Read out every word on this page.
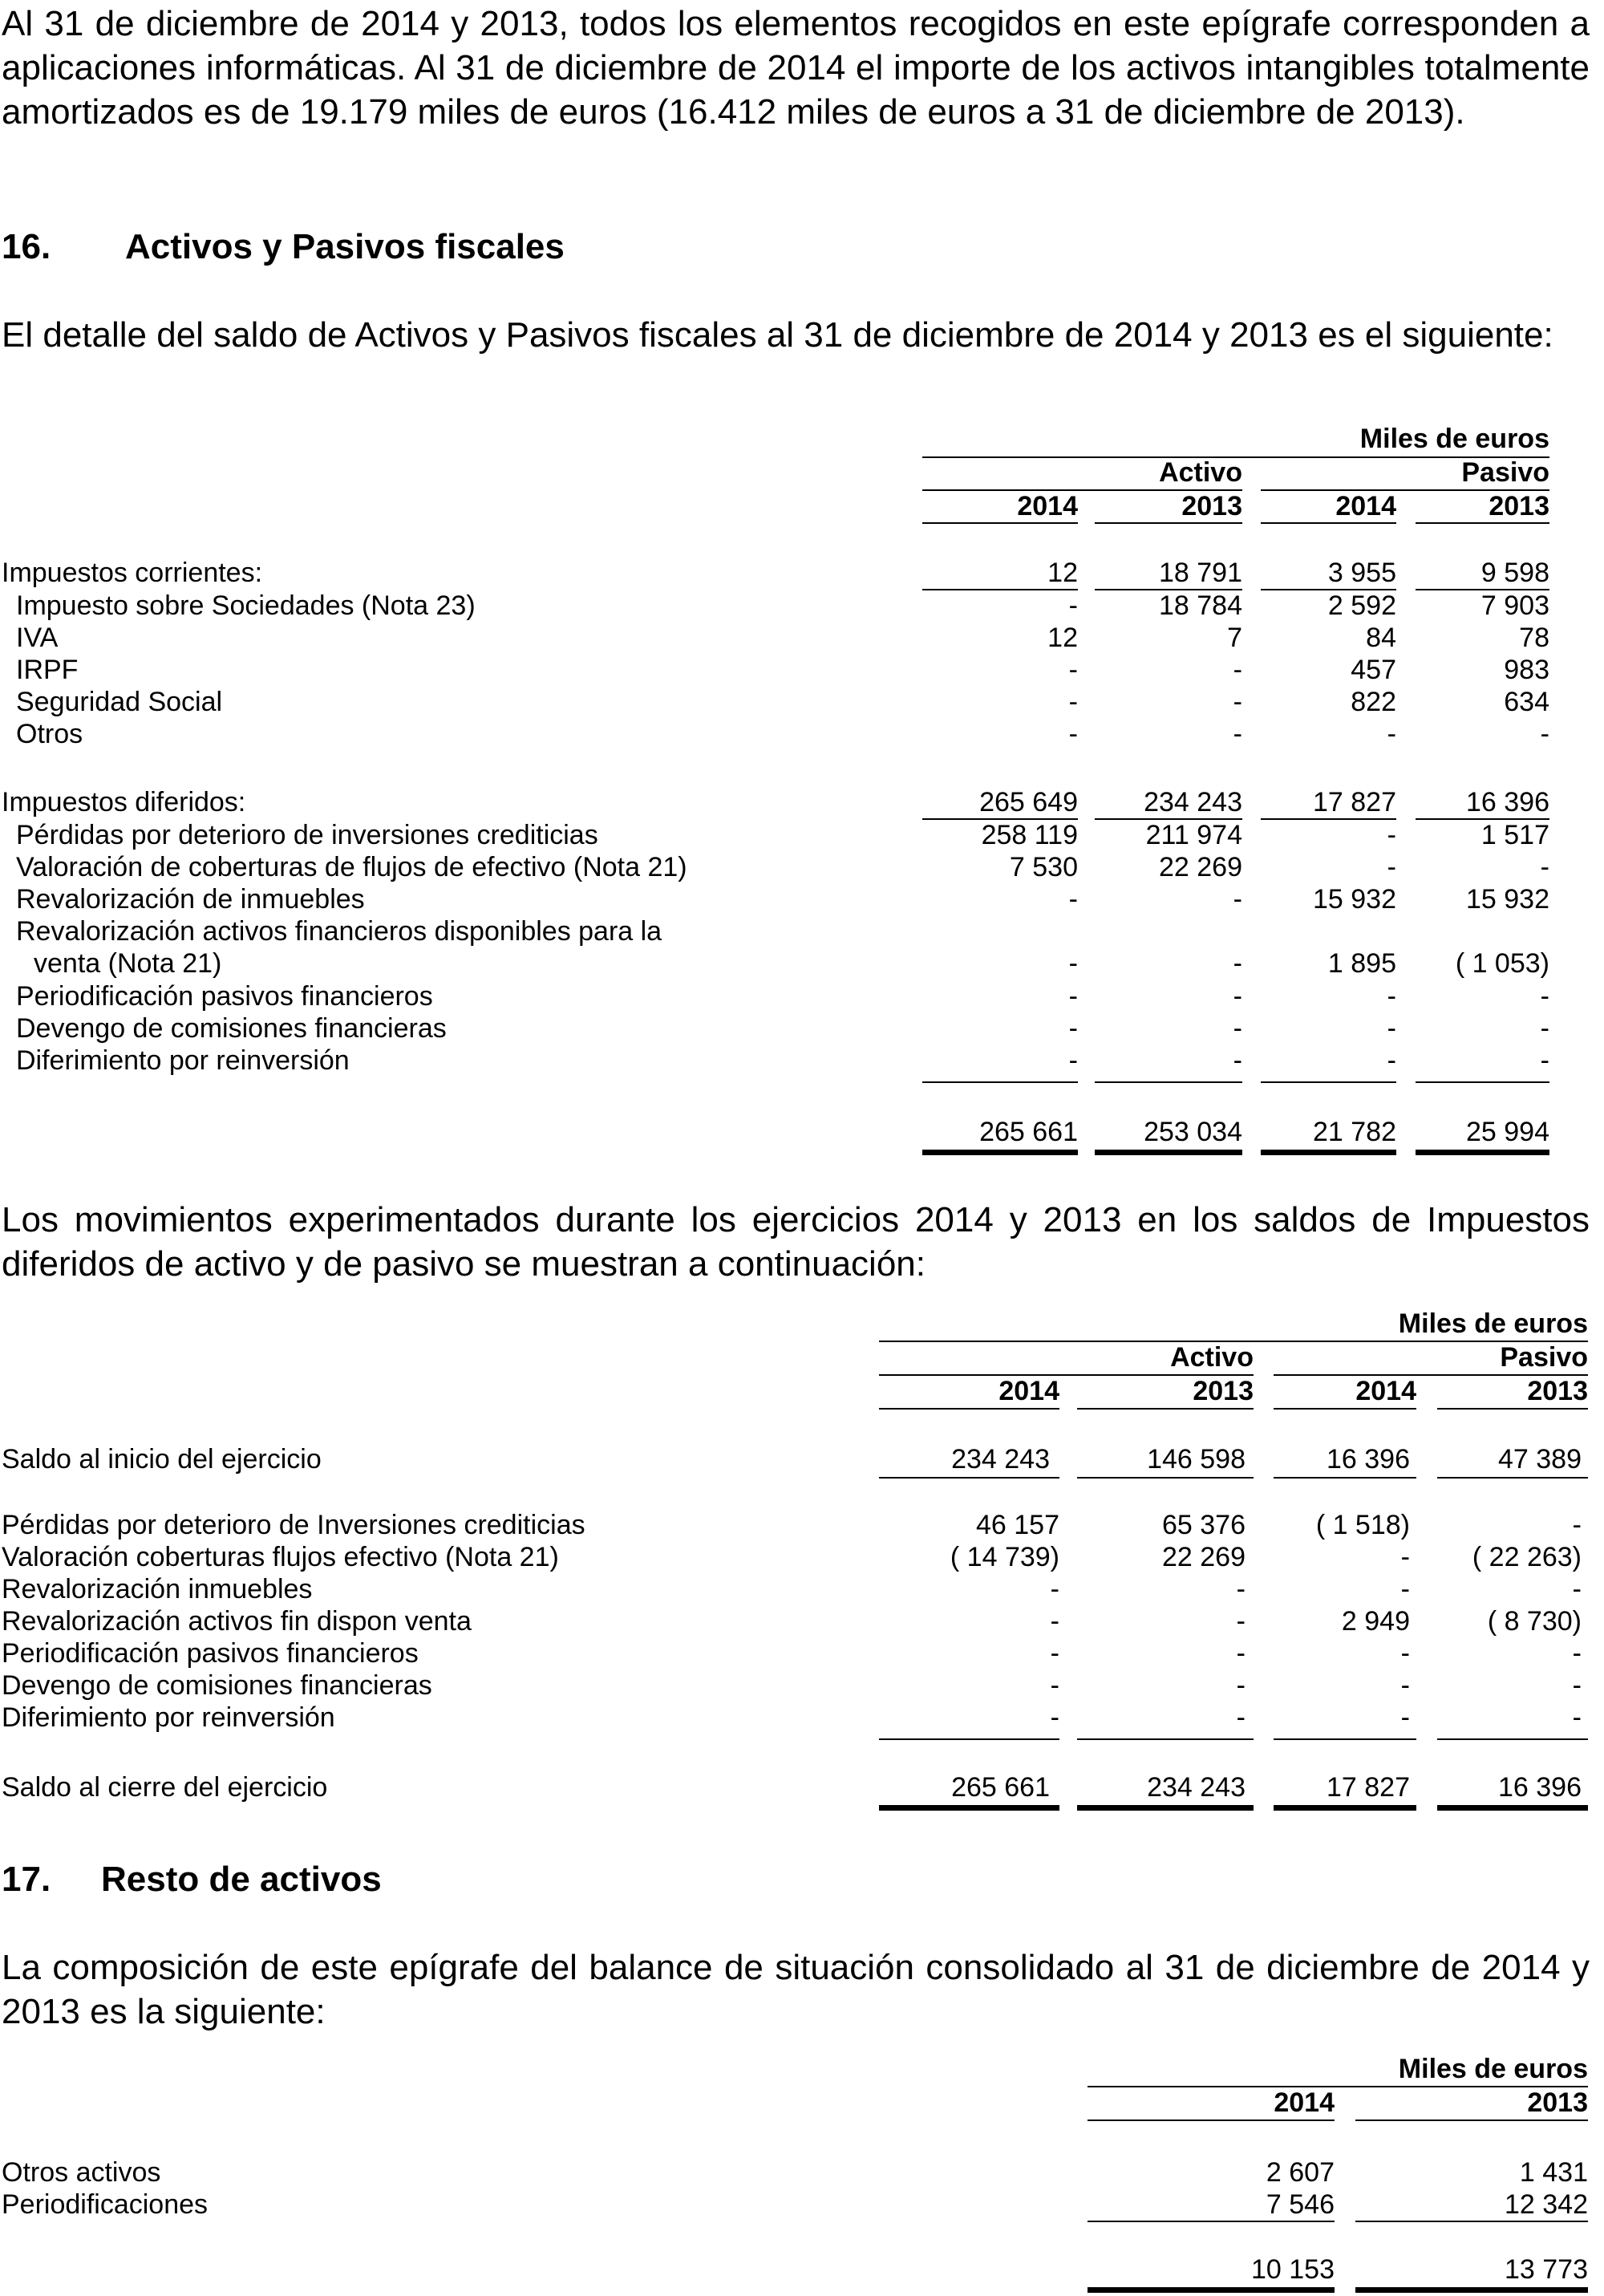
Al 31 de diciembre de 2014 y 2013, todos los elementos recogidos en este epígrafe corresponden a aplicaciones informáticas. Al 31 de diciembre de 2014 el importe de los activos intangibles totalmente amortizados es de 19.179 miles de euros (16.412 miles de euros a 31 de diciembre de 2013).

16. Activos y Pasivos fiscales

El detalle del saldo de Activos y Pasivos fiscales al 31 de diciembre de 2014 y 2013 es el siguiente:

Miles de euros
Activo	Pasivo
2014	2013	2014	2013
Impuestos corrientes:	12	18 791	3 955	9 598
Impuesto sobre Sociedades (Nota 23)	-	18 784	2 592	7 903
IVA	12	7	84	78
IRPF	-	-	457	983
Seguridad Social	-	-	822	634
Otros	-	-	-	-
Impuestos diferidos:	265 649	234 243	17 827	16 396
Pérdidas por deterioro de inversiones crediticias	258 119	211 974	-	1 517
Valoración de coberturas de flujos de efectivo (Nota 21)	7 530	22 269	-	-
Revalorización de inmuebles	-	-	15 932	15 932
Revalorización activos financieros disponibles para la
venta (Nota 21)	-	-	1 895	( 1 053)
Periodificación pasivos financieros	-	-	-	-
Devengo de comisiones financieras	-	-	-	-
Diferimiento por reinversión	-	-	-	-
265 661	253 034	21 782	25 994

Los movimientos experimentados durante los ejercicios 2014 y 2013 en los saldos de Impuestos diferidos de activo y de pasivo se muestran a continuación:

Miles de euros
Activo	Pasivo
2014	2013	2014	2013
Saldo al inicio del ejercicio	234 243	146 598	16 396	47 389
Pérdidas por deterioro de Inversiones crediticias	46 157	65 376	( 1 518)	-
Valoración coberturas flujos efectivo (Nota 21)	( 14 739)	22 269	-	( 22 263)
Revalorización inmuebles	-	-	-	-
Revalorización activos fin dispon venta	-	-	2 949	( 8 730)
Periodificación pasivos financieros	-	-	-	-
Devengo de comisiones financieras	-	-	-	-
Diferimiento por reinversión	-	-	-	-
Saldo al cierre del ejercicio	265 661	234 243	17 827	16 396
17. Resto de activos

La composición de este epígrafe del balance de situación consolidado al 31 de diciembre de 2014 y 2013 es la siguiente:

Miles de euros
2014	2013
Otros activos	2 607	1 431
Periodificaciones	7 546	12 342
10 153	13 773
